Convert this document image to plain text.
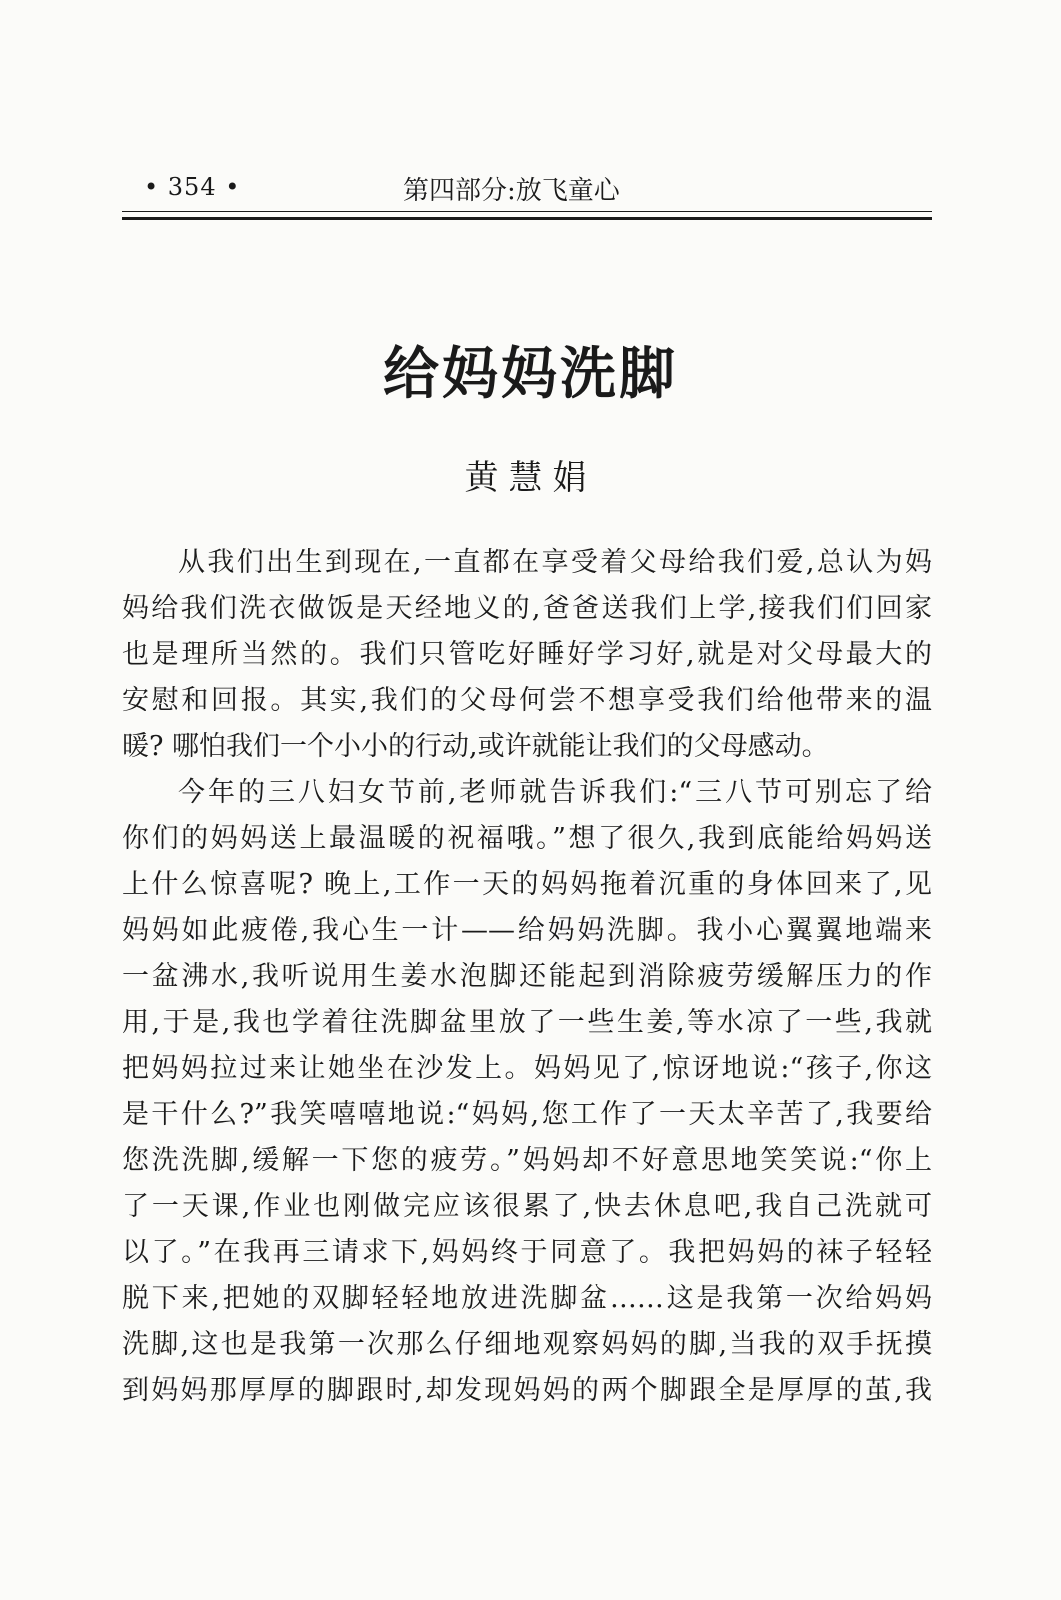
• 354 •	第四部分:放飞童心
给妈妈洗脚
黄慧娟
从我们出生到现在,一直都在享受着父母给我们爱,总认为妈
妈给我们洗衣做饭是天经地义的,爸爸送我们上学,接我们们回家
也是理所当然的。我们只管吃好睡好学习好,就是对父母最大的
安慰和回报。其实,我们的父母何尝不想享受我们给他带来的温
暖? 哪怕我们一个小小的行动,或许就能让我们的父母感动。
今年的三八妇女节前,老师就告诉我们:“三八节可别忘了给
你们的妈妈送上最温暖的祝福哦。”想了很久,我到底能给妈妈送
上什么惊喜呢? 晚上,工作一天的妈妈拖着沉重的身体回来了,见
妈妈如此疲倦,我心生一计——给妈妈洗脚。我小心翼翼地端来
一盆沸水,我听说用生姜水泡脚还能起到消除疲劳缓解压力的作
用,于是,我也学着往洗脚盆里放了一些生姜,等水凉了一些,我就
把妈妈拉过来让她坐在沙发上。妈妈见了,惊讶地说:“孩子,你这
是干什么?”我笑嘻嘻地说:“妈妈,您工作了一天太辛苦了,我要给
您洗洗脚,缓解一下您的疲劳。”妈妈却不好意思地笑笑说:“你上
了一天课,作业也刚做完应该很累了,快去休息吧,我自己洗就可
以了。”在我再三请求下,妈妈终于同意了。我把妈妈的袜子轻轻
脱下来,把她的双脚轻轻地放进洗脚盆……这是我第一次给妈妈
洗脚,这也是我第一次那么仔细地观察妈妈的脚,当我的双手抚摸
到妈妈那厚厚的脚跟时,却发现妈妈的两个脚跟全是厚厚的茧,我
